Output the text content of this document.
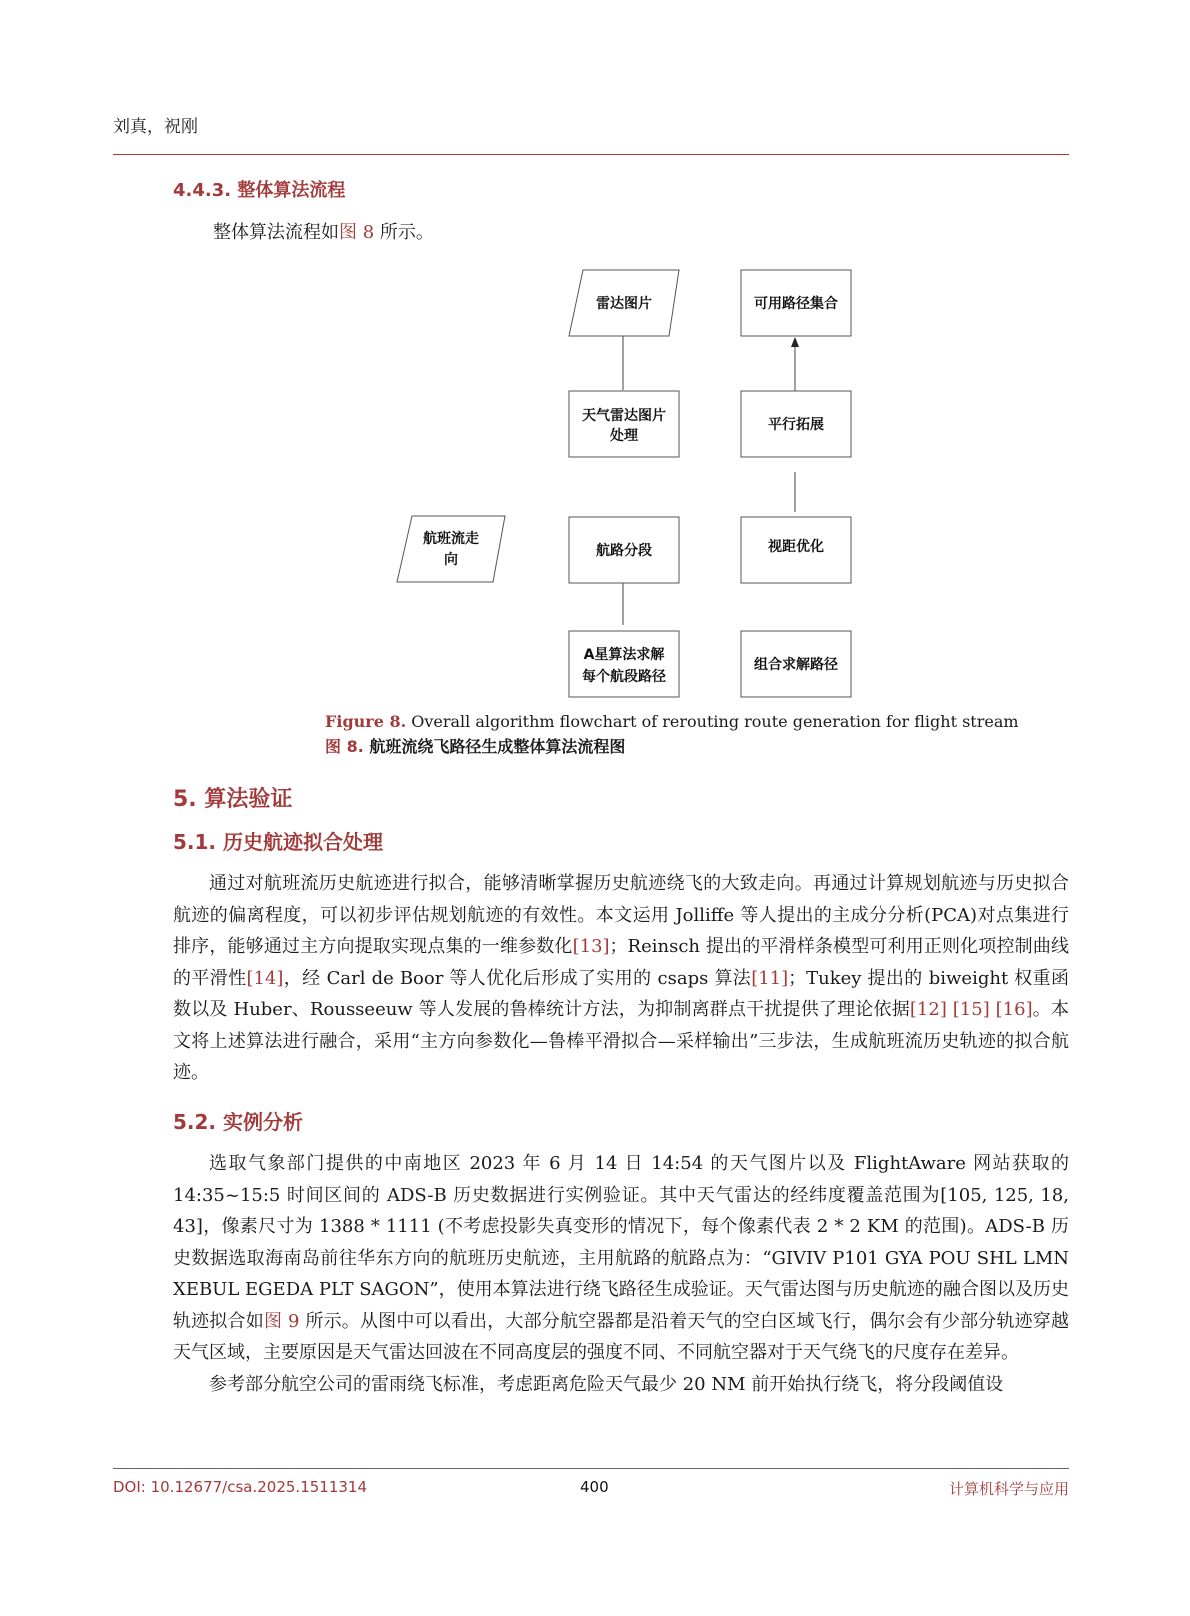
刘真，祝刚
4.4.3. 整体算法流程
整体算法流程如图 8 所示。
雷达图片
天气雷达图片
处理
航路分段
A星算法求解
每个航段路径
航班流走
向
可用路径集合
平行拓展
视距优化
组合求解路径
Figure 8. Overall algorithm flowchart of rerouting route generation for flight stream
图 8. 航班流绕飞路径生成整体算法流程图
5. 算法验证
5.1. 历史航迹拟合处理

通过对航班流历史航迹进行拟合，能够清晰掌握历史航迹绕飞的大致走向。再通过计算规划航迹与历史拟合航迹的偏离程度，可以初步评估规划航迹的有效性。本文运用 Jolliffe 等人提出的主成分分析(PCA)对点集进行排序，能够通过主方向提取实现点集的一维参数化[13]；Reinsch 提出的平滑样条模型可利用正则化项控制曲线的平滑性[14]，经 Carl de Boor 等人优化后形成了实用的 csaps 算法[11]；Tukey 提出的 biweight 权重函数以及 Huber、Rousseeuw 等人发展的鲁棒统计方法，为抑制离群点干扰提供了理论依据[12] [15] [16]。本文将上述算法进行融合，采用“主方向参数化—鲁棒平滑拟合—采样输出”三步法，生成航班流历史轨迹的拟合航迹。

5.2. 实例分析

选取气象部门提供的中南地区 2023 年 6 月 14 日 14:54 的天气图片以及 FlightAware 网站获取的 14:35~15:5 时间区间的 ADS-B 历史数据进行实例验证。其中天气雷达的经纬度覆盖范围为[105, 125, 18, 43]，像素尺寸为 1388 * 1111 (不考虑投影失真变形的情况下，每个像素代表 2 * 2 KM 的范围)。ADS-B 历史数据选取海南岛前往华东方向的航班历史航迹，主用航路的航路点为：“GIVIV P101 GYA POU SHL LMN XEBUL EGEDA PLT SAGON”，使用本算法进行绕飞路径生成验证。天气雷达图与历史航迹的融合图以及历史轨迹拟合如图 9 所示。从图中可以看出，大部分航空器都是沿着天气的空白区域飞行，偶尔会有少部分轨迹穿越天气区域，主要原因是天气雷达回波在不同高度层的强度不同、不同航空器对于天气绕飞的尺度存在差异。

参考部分航空公司的雷雨绕飞标准，考虑距离危险天气最少 20 NM 前开始执行绕飞，将分段阈值设

DOI: 10.12677/csa.2025.1511314	400	计算机科学与应用
